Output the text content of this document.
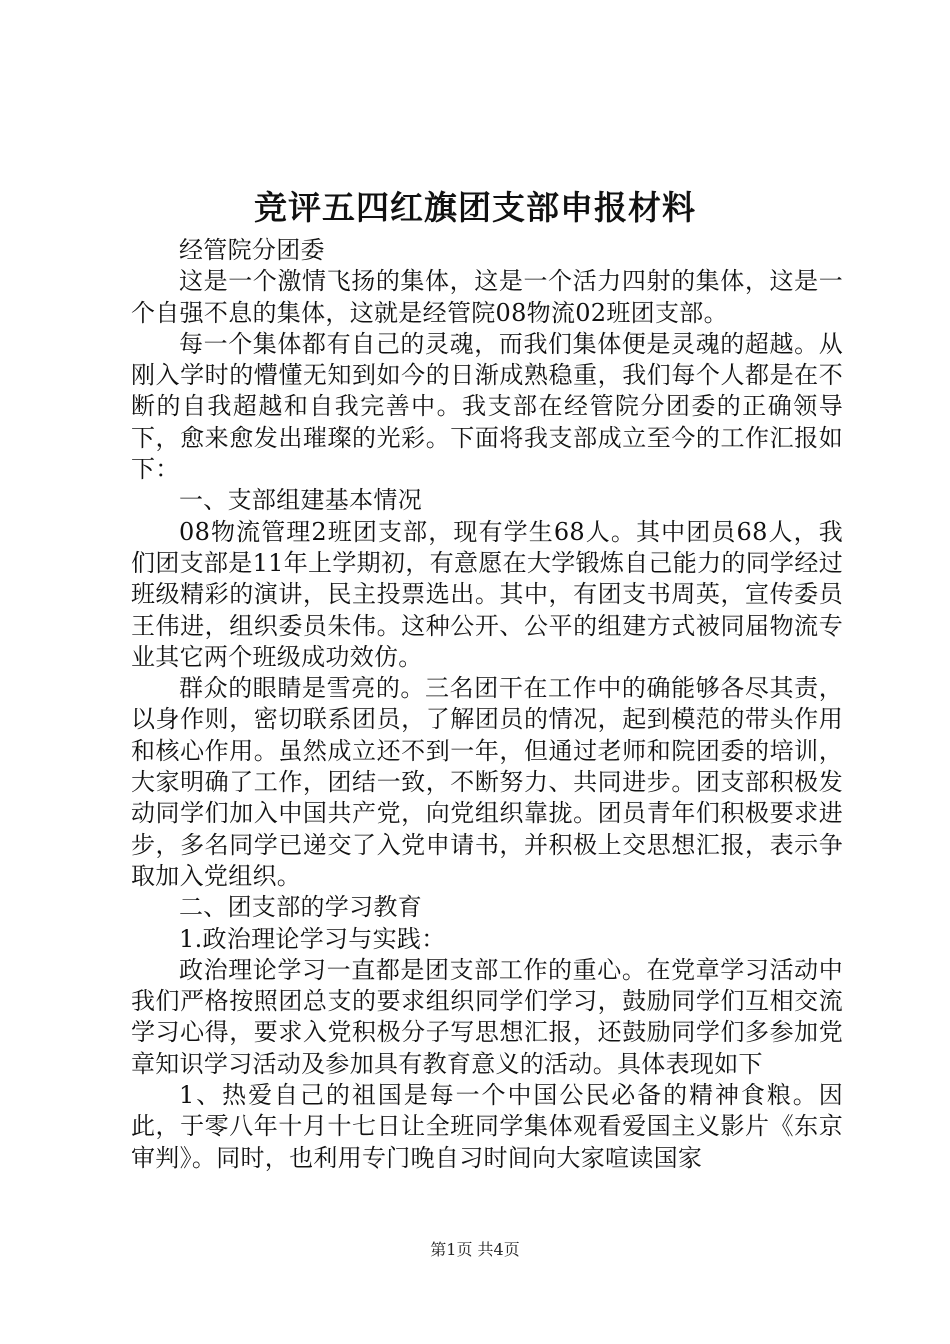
竞评五四红旗团支部申报材料

经管院分团委

这是一个激情飞扬的集体，这是一个活力四射的集体，这是一个自强不息的集体，这就是经管院08物流02班团支部。

每一个集体都有自己的灵魂，而我们集体便是灵魂的超越。从刚入学时的懵懂无知到如今的日渐成熟稳重，我们每个人都是在不断的自我超越和自我完善中。我支部在经管院分团委的正确领导下，愈来愈发出璀璨的光彩。下面将我支部成立至今的工作汇报如下：

一、支部组建基本情况

08物流管理2班团支部，现有学生68人。其中团员68人，我们团支部是11年上学期初，有意愿在大学锻炼自己能力的同学经过班级精彩的演讲，民主投票选出。其中，有团支书周英，宣传委员王伟进，组织委员朱伟。这种公开、公平的组建方式被同届物流专业其它两个班级成功效仿。

群众的眼睛是雪亮的。三名团干在工作中的确能够各尽其责，以身作则，密切联系团员，了解团员的情况，起到模范的带头作用和核心作用。虽然成立还不到一年，但通过老师和院团委的培训，大家明确了工作，团结一致，不断努力、共同进步。团支部积极发动同学们加入中国共产党，向党组织靠拢。团员青年们积极要求进步，多名同学已递交了入党申请书，并积极上交思想汇报，表示争取加入党组织。

二、团支部的学习教育

1.政治理论学习与实践：

政治理论学习一直都是团支部工作的重心。在党章学习活动中我们严格按照团总支的要求组织同学们学习，鼓励同学们互相交流学习心得，要求入党积极分子写思想汇报，还鼓励同学们多参加党章知识学习活动及参加具有教育意义的活动。具体表现如下

1、热爱自己的祖国是每一个中国公民必备的精神食粮。因此，于零八年十月十七日让全班同学集体观看爱国主义影片《东京审判》。同时，也利用专门晚自习时间向大家喧读国家

第1页 共4页
